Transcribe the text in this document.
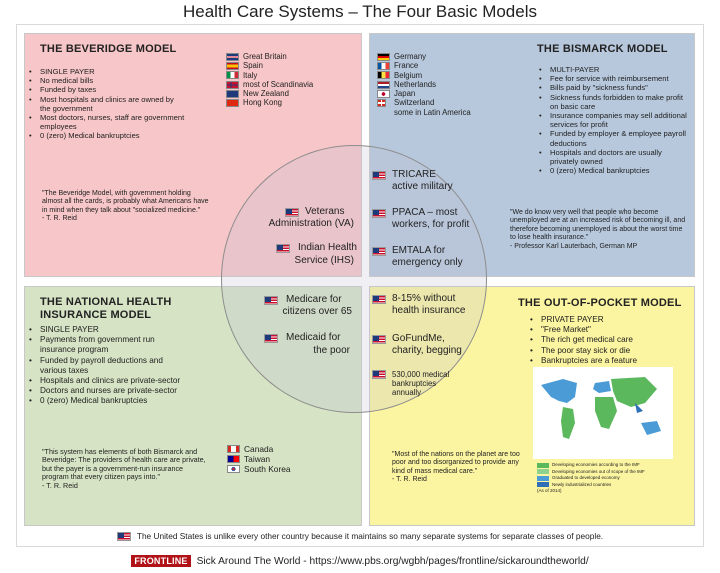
Health Care Systems – The Four Basic Models
THE BEVERIDGE MODEL
• SINGLE PAYER
• No medical bills
• Funded by taxes
• Most hospitals and clinics are owned by the government
• Most doctors, nurses, staff are government employees
• 0 (zero) Medical bankruptcies
Great Britain
Spain
Italy
most of Scandinavia
New Zealand
Hong Kong
"The Beveridge Model, with government holding almost all the cards, is probably what Americans have in mind when they talk about "socialized medicine."
- T. R. Reid
THE BISMARCK MODEL
Germany
France
Belgium
Netherlands
Japan
Switzerland
some in Latin America
• MULTI-PAYER
• Fee for service with reimbursement
• Bills paid by "sickness funds"
• Sickness funds forbidden to make profit on basic care
• Insurance companies may sell additional services for profit
• Funded by employer & employee payroll deductions
• Hospitals and doctors are usually privately owned
• 0 (zero) Medical bankruptcies
"We do know very well that people who become unemployed are at an increased risk of becoming ill, and therefore becoming unemployed is about the worst time to lose health insurance."
- Professor Karl Lauterbach, German MP
THE NATIONAL HEALTH
INSURANCE MODEL
• SINGLE PAYER
• Payments from government run insurance program
• Funded by payroll deductions and various taxes
• Hospitals and clinics are private-sector
• Doctors and nurses are private-sector
• 0 (zero) Medical bankruptcies
"This system has elements of both Bismarck and Beveridge: The providers of health care are private, but the payer is a government-run insurance program that every citizen pays into."
- T. R. Reid
Canada
Taiwan
South Korea
THE OUT-OF-POCKET MODEL
• PRIVATE PAYER
• "Free Market"
• The rich get medical care
• The poor stay sick or die
• Bankruptcies are a feature
"Most of the nations on the planet are too poor and too disorganized to provide any kind of mass medical care."
- T. R. Reid
Developing economies according to the IMF
Developing economies out of scope of the IMF
Graduated to developed economy
Newly industrialized countries
(As of 2014)
Veterans
Administration (VA)
Indian Health
Service (IHS)
Medicare for
citizens over 65
Medicaid for
the poor
TRICARE
active military
PPACA – most
workers, for profit
EMTALA for
emergency only
8-15% without
health insurance
GoFundMe,
charity, begging
530,000 medical
bankruptcies
annually
The United States is unlike every other country because it maintains so many separate systems for separate classes of people.
FRONTLINE Sick Around The World - https://www.pbs.org/wgbh/pages/frontline/sickaroundtheworld/
